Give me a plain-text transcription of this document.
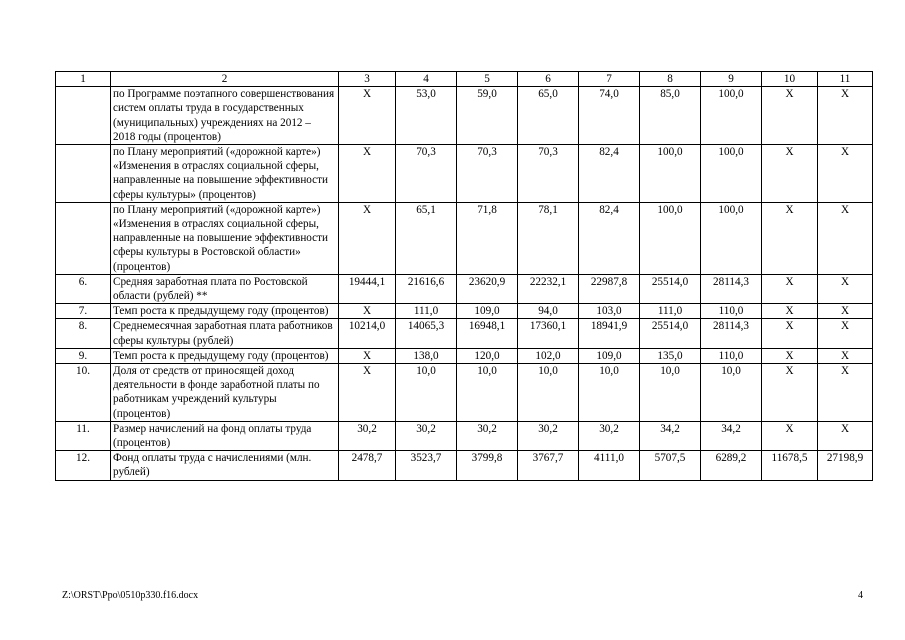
1	2	3	4	5	6	7	8	9	10	11
	по Программе поэтапного совершенствования систем оплаты труда в государственных (муниципальных) учреждениях на 2012 – 2018 годы (процентов)	X	53,0	59,0	65,0	74,0	85,0	100,0	X	X
	по Плану мероприятий («дорожной карте») «Изменения в отраслях социальной сферы, направленные на повышение эффективности сферы культуры» (процентов)	X	70,3	70,3	70,3	82,4	100,0	100,0	X	X
	по Плану мероприятий («дорожной карте») «Изменения в отраслях социальной сферы, направленные на повышение эффективности сферы культуры в Ростовской области» (процентов)	X	65,1	71,8	78,1	82,4	100,0	100,0	X	X
6.	Средняя заработная плата по Ростовской области (рублей) **	19444,1	21616,6	23620,9	22232,1	22987,8	25514,0	28114,3	X	X
7.	Темп роста к предыдущему году (процентов)	X	111,0	109,0	94,0	103,0	111,0	110,0	X	X
8.	Среднемесячная заработная плата работников сферы культуры (рублей)	10214,0	14065,3	16948,1	17360,1	18941,9	25514,0	28114,3	X	X
9.	Темп роста к предыдущему году (процентов)	X	138,0	120,0	102,0	109,0	135,0	110,0	X	X
10.	Доля от средств от приносящей доход деятельности в фонде заработной платы по работникам учреждений культуры (процентов)	X	10,0	10,0	10,0	10,0	10,0	10,0	X	X
11.	Размер начислений на фонд оплаты труда (процентов)	30,2	30,2	30,2	30,2	30,2	34,2	34,2	X	X
12.	Фонд оплаты труда с начислениями (млн. рублей)	2478,7	3523,7	3799,8	3767,7	4111,0	5707,5	6289,2	11678,5	27198,9
Z:\ORST\Ppo\0510p330.f16.docx	4
